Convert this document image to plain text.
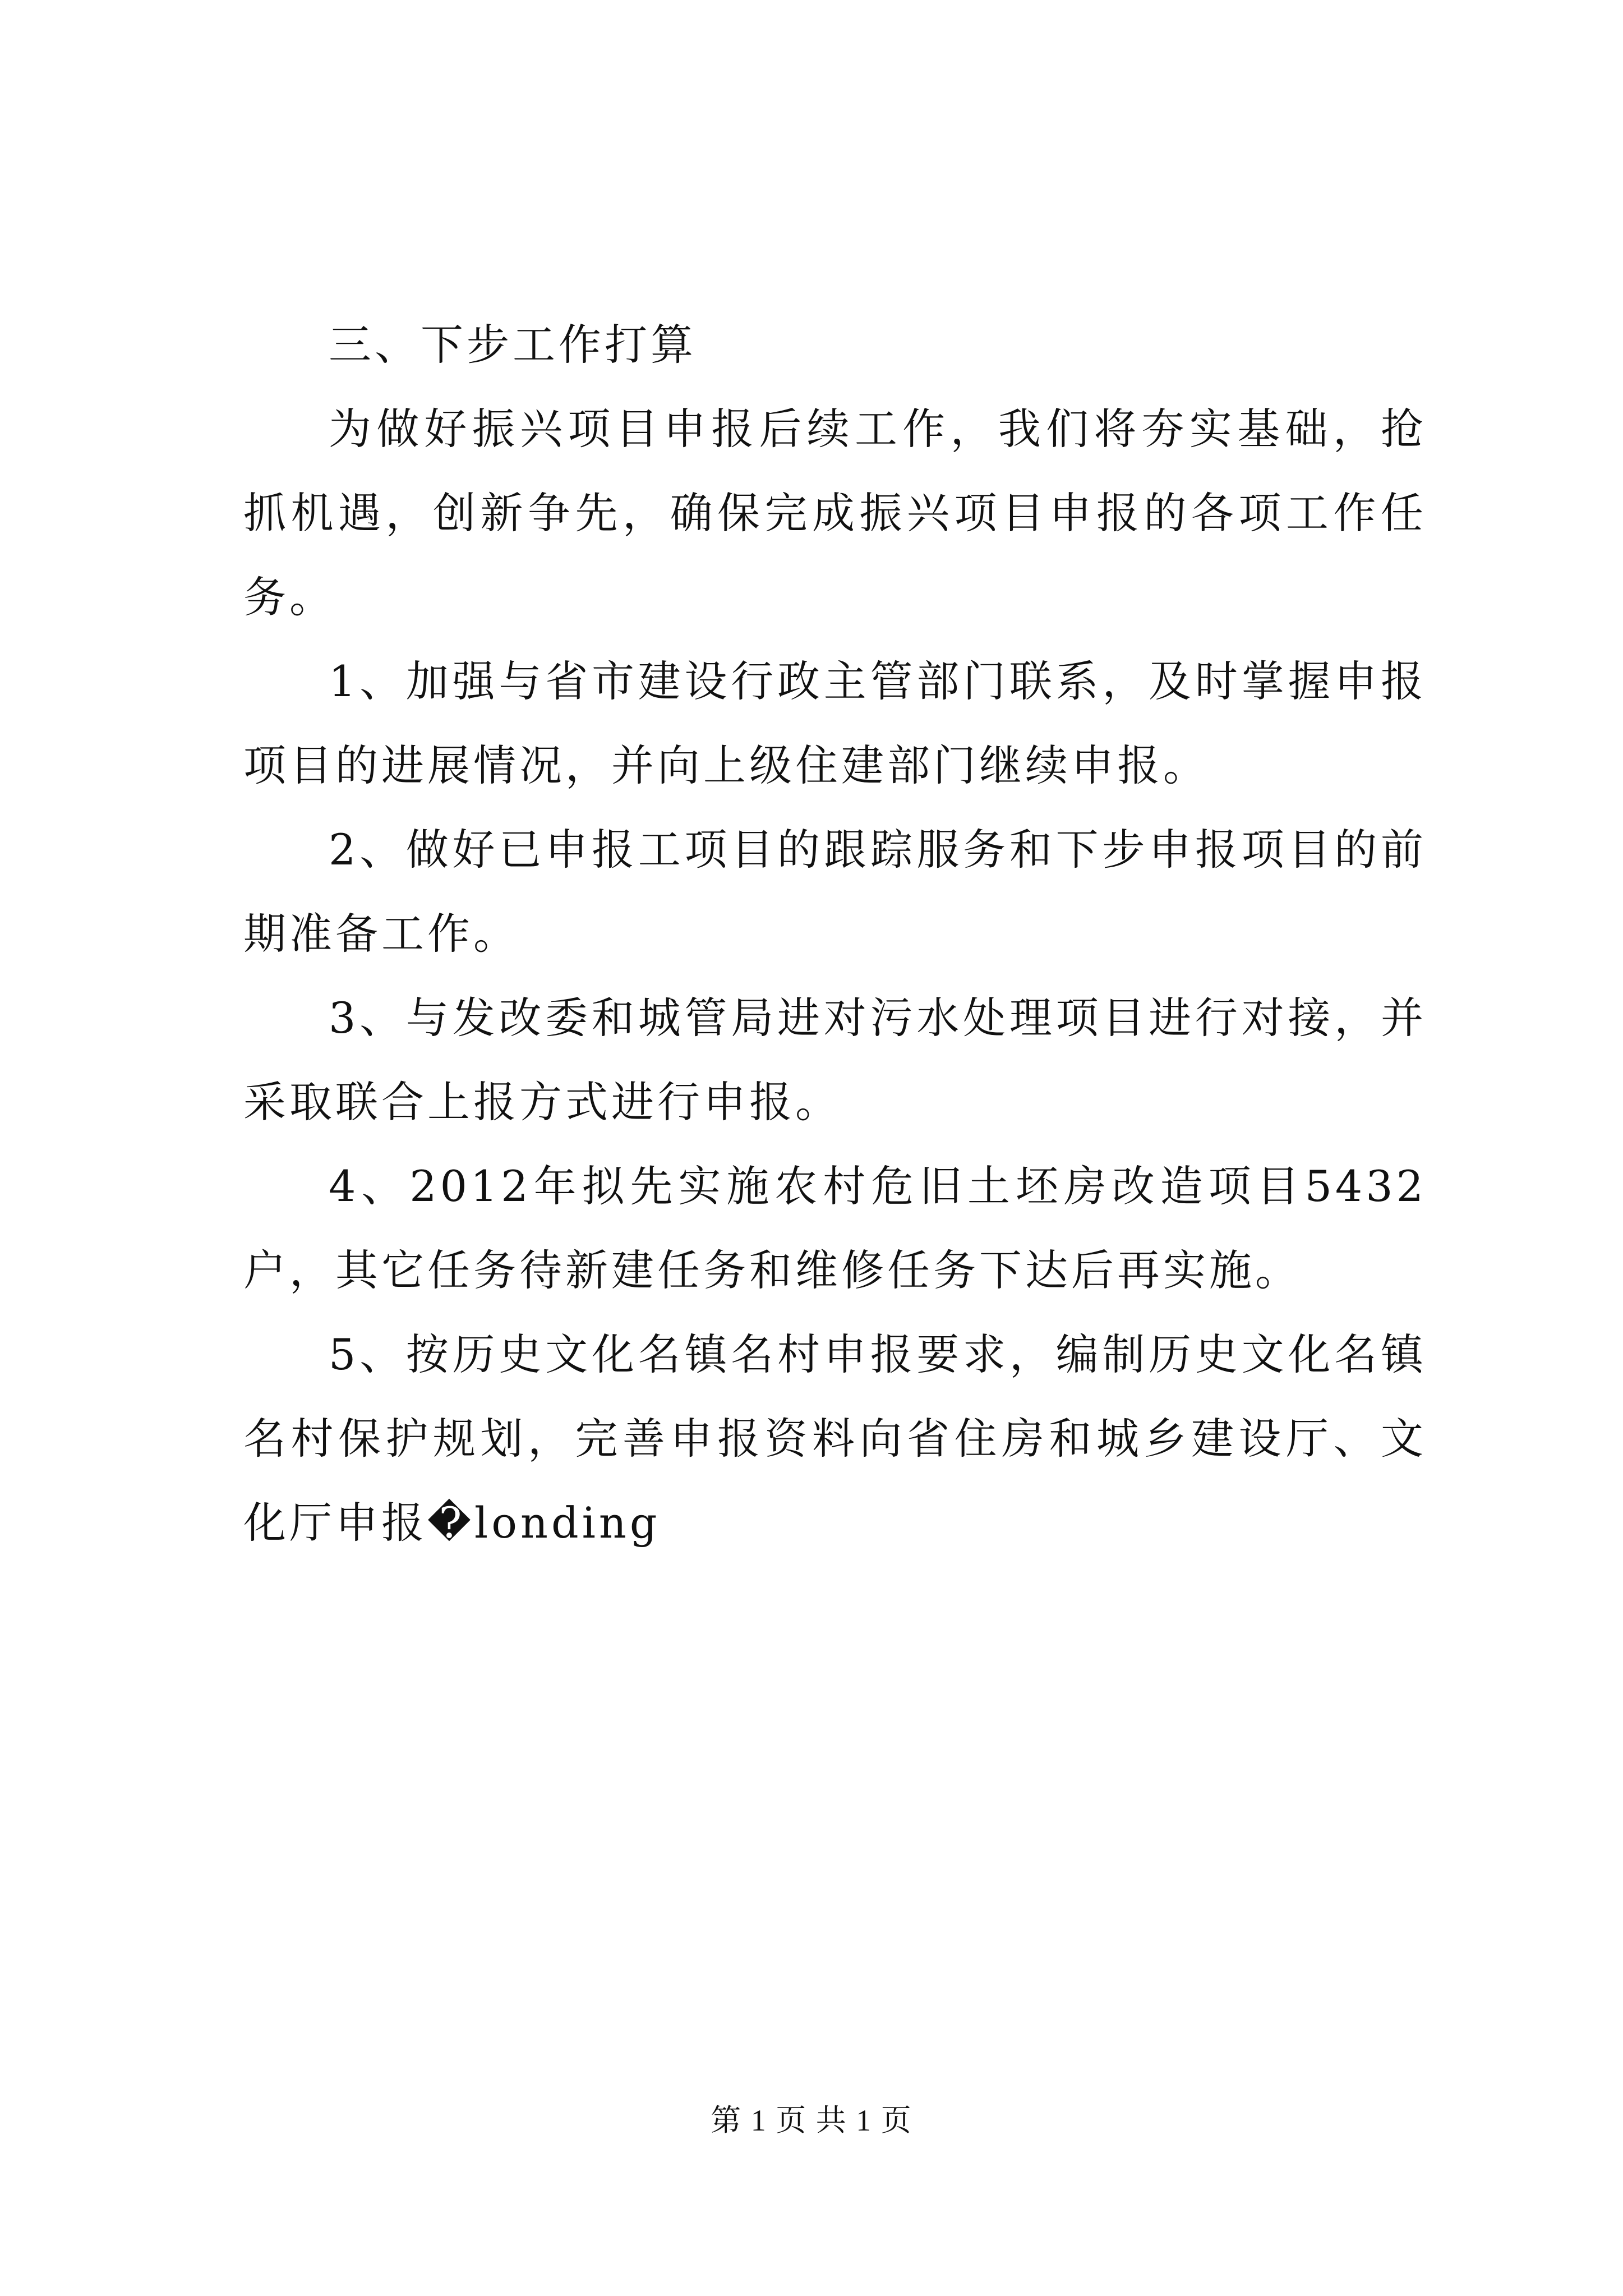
三、下步工作打算

为做好振兴项目申报后续工作，我们将夯实基础，抢抓机遇，创新争先，确保完成振兴项目申报的各项工作任务。

1、加强与省市建设行政主管部门联系，及时掌握申报项目的进展情况，并向上级住建部门继续申报。

2、做好已申报工项目的跟踪服务和下步申报项目的前期准备工作。

3、与发改委和城管局进对污水处理项目进行对接，并采取联合上报方式进行申报。

4、2012年拟先实施农村危旧土坯房改造项目5432户，其它任务待新建任务和维修任务下达后再实施。

5、按历史文化名镇名村申报要求，编制历史文化名镇名村保护规划，完善申报资料向省住房和城乡建设厅、文化厅申报�londing

第 1 页 共 1 页
